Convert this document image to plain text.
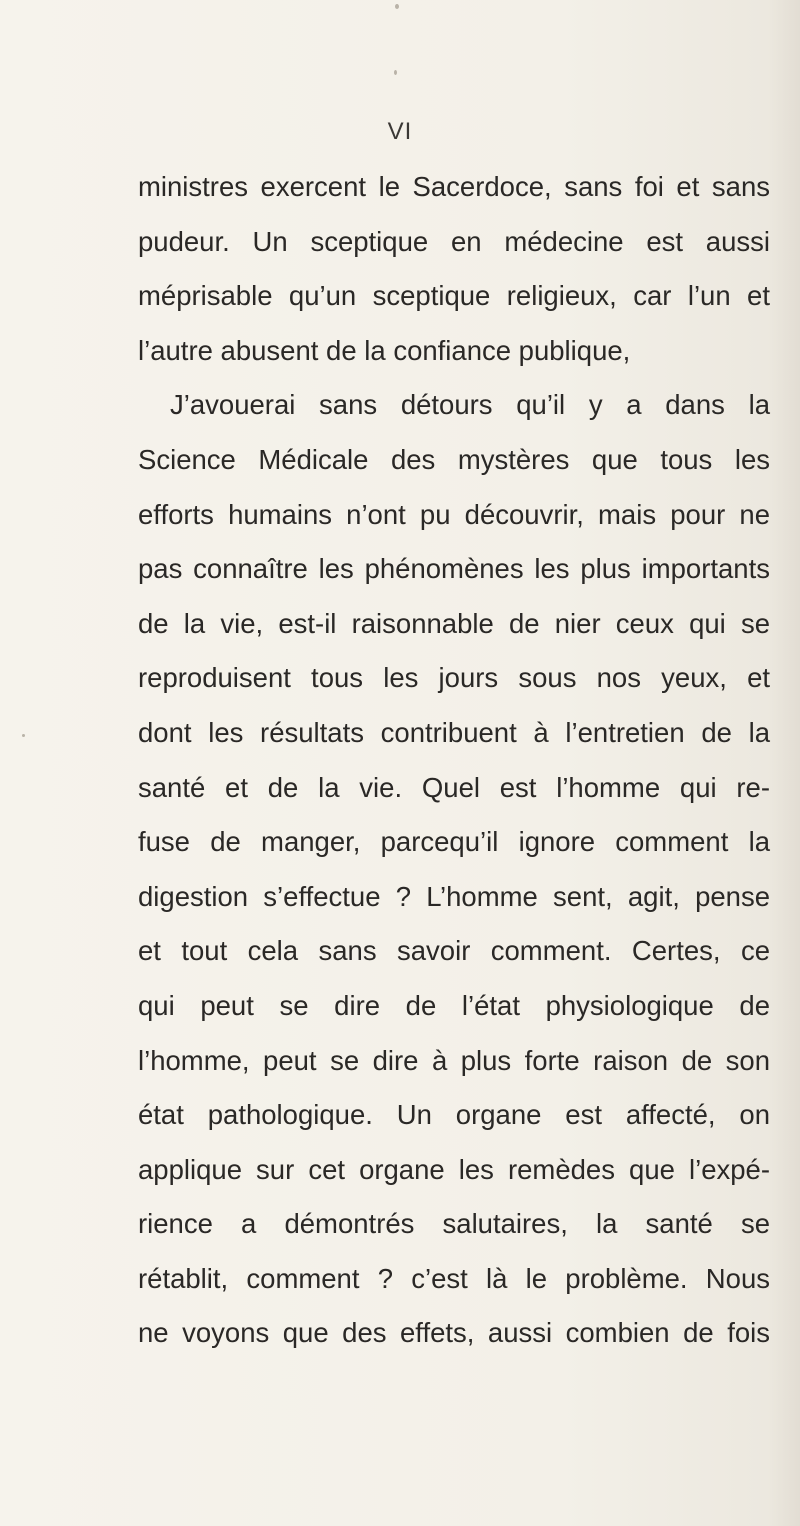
VI
ministres exercent le Sacerdoce, sans foi et sans
pudeur. Un sceptique en médecine est aussi
méprisable qu’un sceptique religieux, car l’un et
l’autre abusent de la confiance publique,
J’avouerai sans détours qu’il y a dans la
Science Médicale des mystères que tous les
efforts humains n’ont pu découvrir, mais pour ne
pas connaître les phénomènes les plus importants
de la vie, est-il raisonnable de nier ceux qui se
reproduisent tous les jours sous nos yeux, et
dont les résultats contribuent à l’entretien de la
santé et de la vie. Quel est l’homme qui re-
fuse de manger, parcequ’il ignore comment la
digestion s’effectue ? L’homme sent, agit, pense
et tout cela sans savoir comment. Certes, ce
qui peut se dire de l’état physiologique de
l’homme, peut se dire à plus forte raison de son
état pathologique. Un organe est affecté, on
applique sur cet organe les remèdes que l’expé-
rience a démontrés salutaires, la santé se
rétablit, comment ? c’est là le problème. Nous
ne voyons que des effets, aussi combien de fois
